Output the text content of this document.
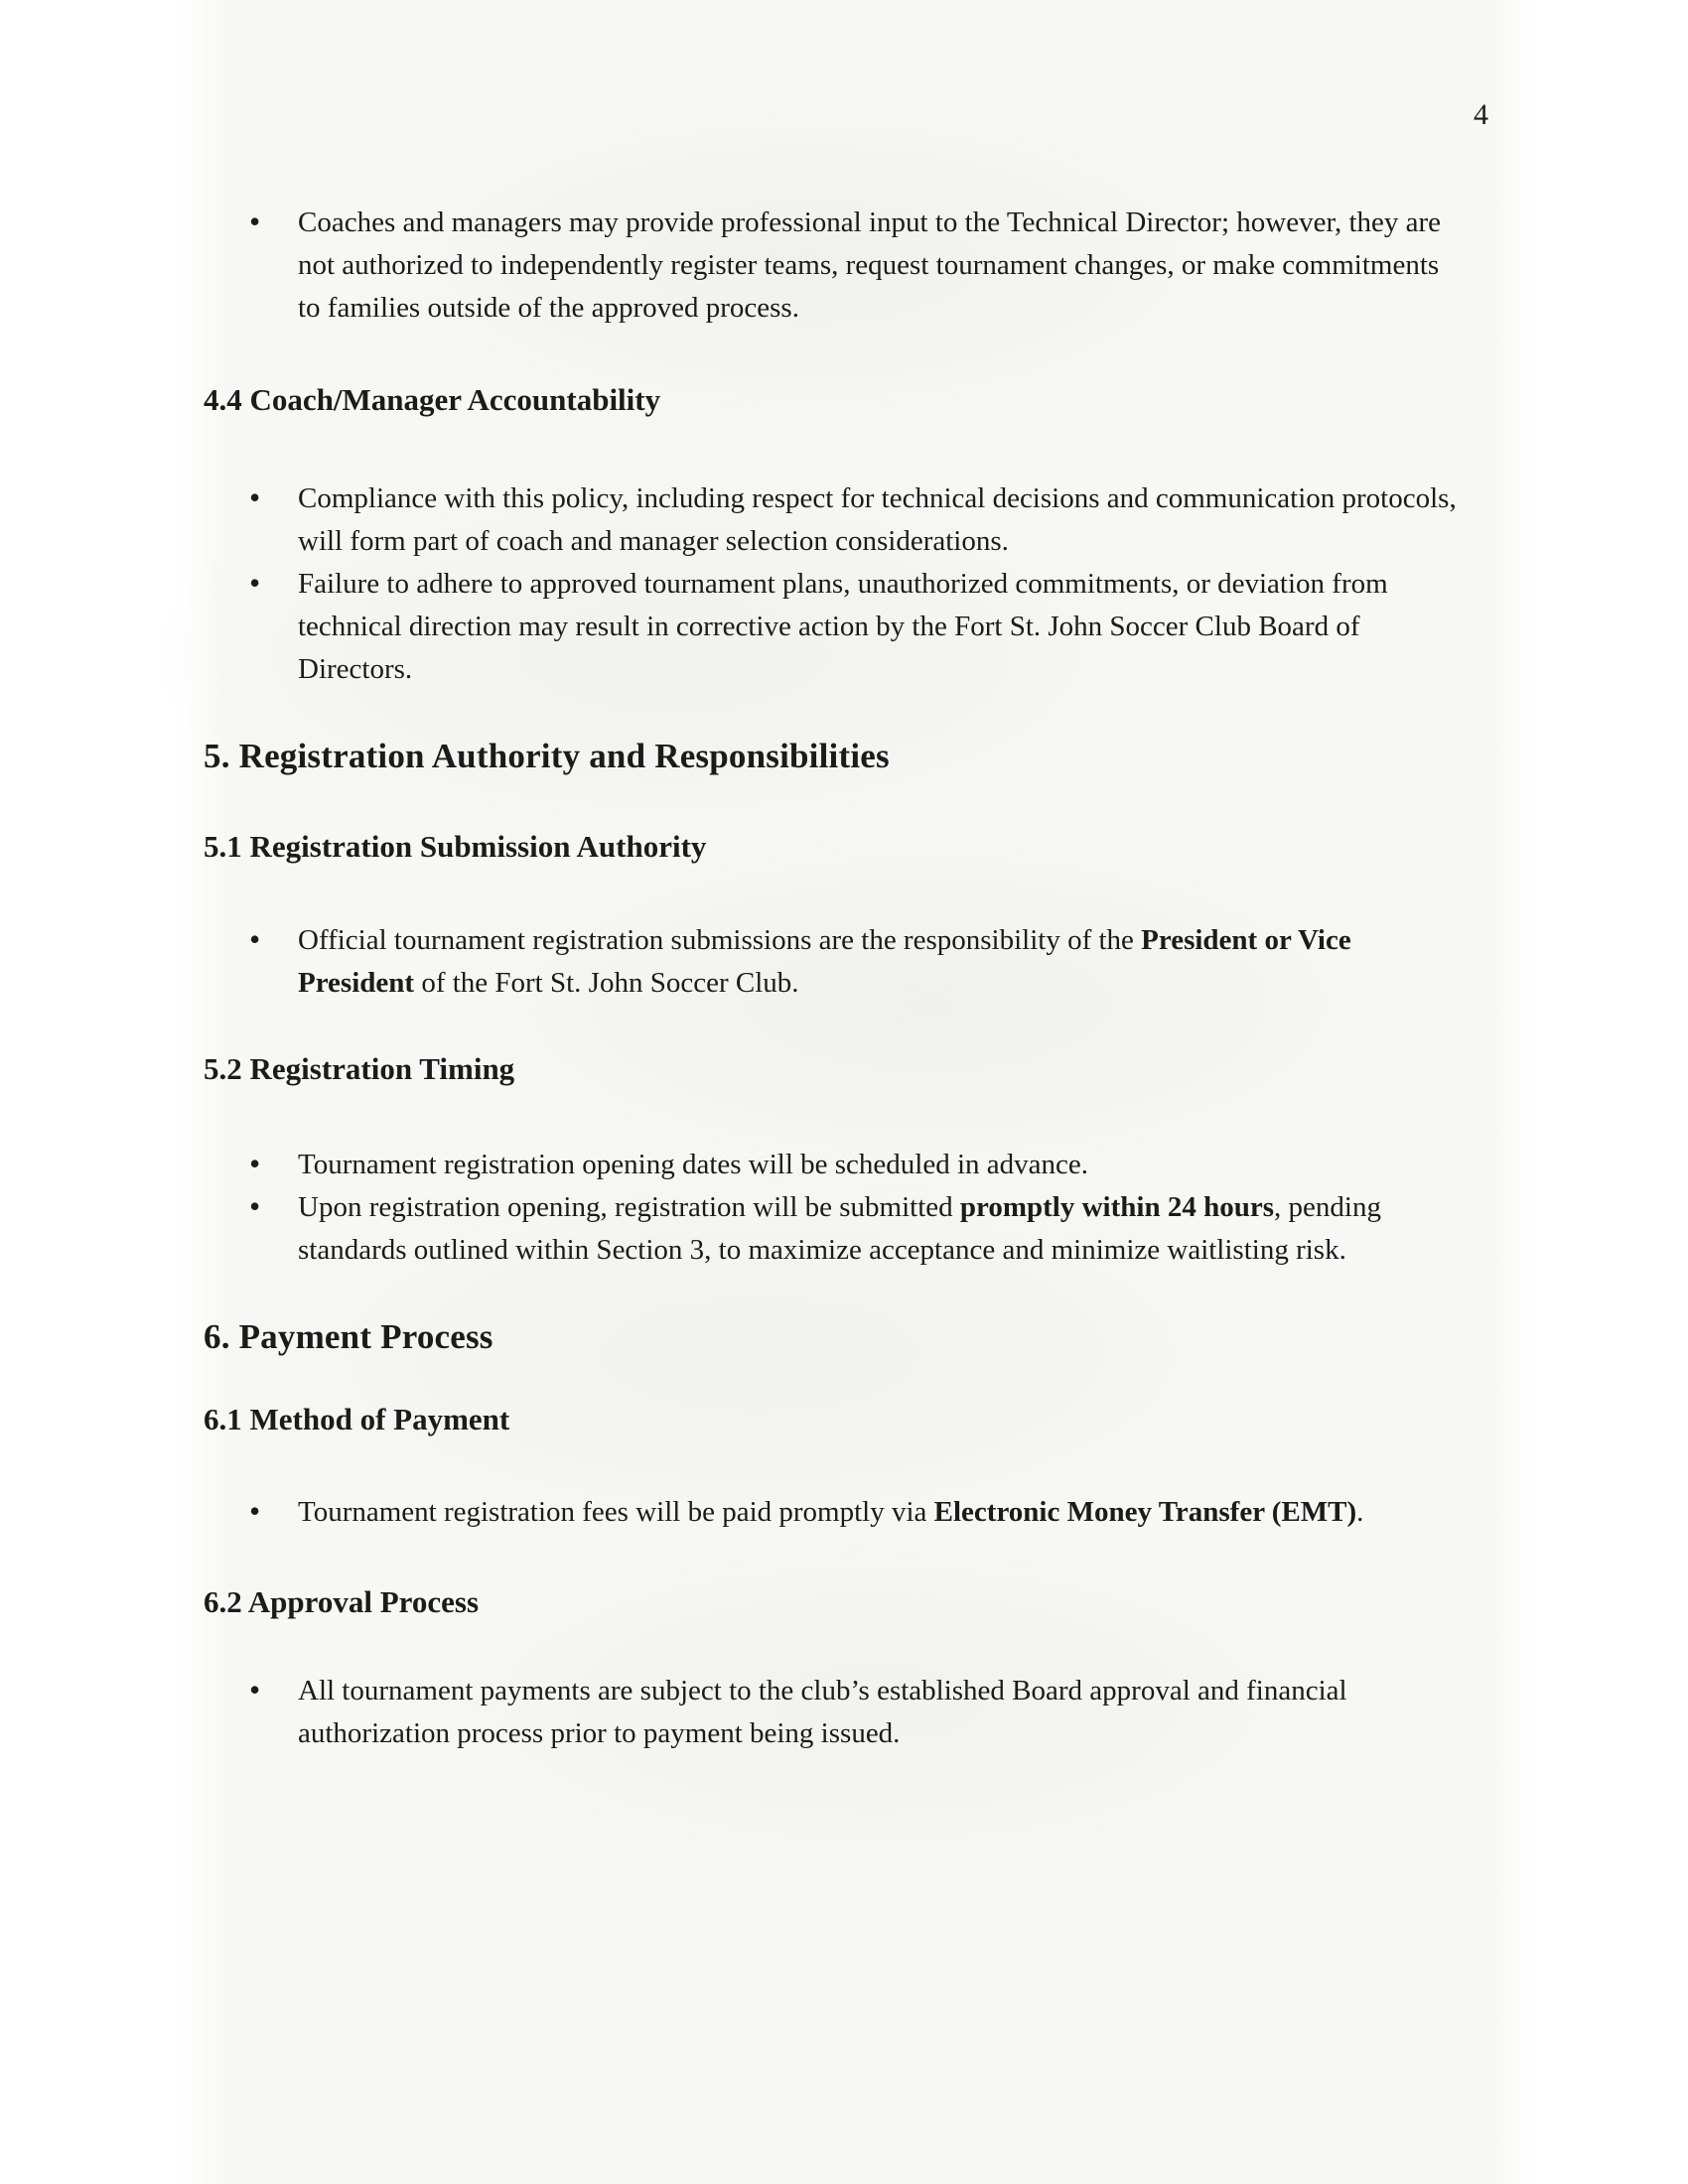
4
• Coaches and managers may provide professional input to the Technical Director; however, they are not authorized to independently register teams, request tournament changes, or make commitments to families outside of the approved process.
4.4 Coach/Manager Accountability
• Compliance with this policy, including respect for technical decisions and communication protocols, will form part of coach and manager selection considerations.
• Failure to adhere to approved tournament plans, unauthorized commitments, or deviation from technical direction may result in corrective action by the Fort St. John Soccer Club Board of Directors.
5. Registration Authority and Responsibilities
5.1 Registration Submission Authority
• Official tournament registration submissions are the responsibility of the President or Vice President of the Fort St. John Soccer Club.
5.2 Registration Timing
• Tournament registration opening dates will be scheduled in advance.
• Upon registration opening, registration will be submitted promptly within 24 hours, pending standards outlined within Section 3, to maximize acceptance and minimize waitlisting risk.
6. Payment Process
6.1 Method of Payment
• Tournament registration fees will be paid promptly via Electronic Money Transfer (EMT).
6.2 Approval Process
• All tournament payments are subject to the club’s established Board approval and financial authorization process prior to payment being issued.
